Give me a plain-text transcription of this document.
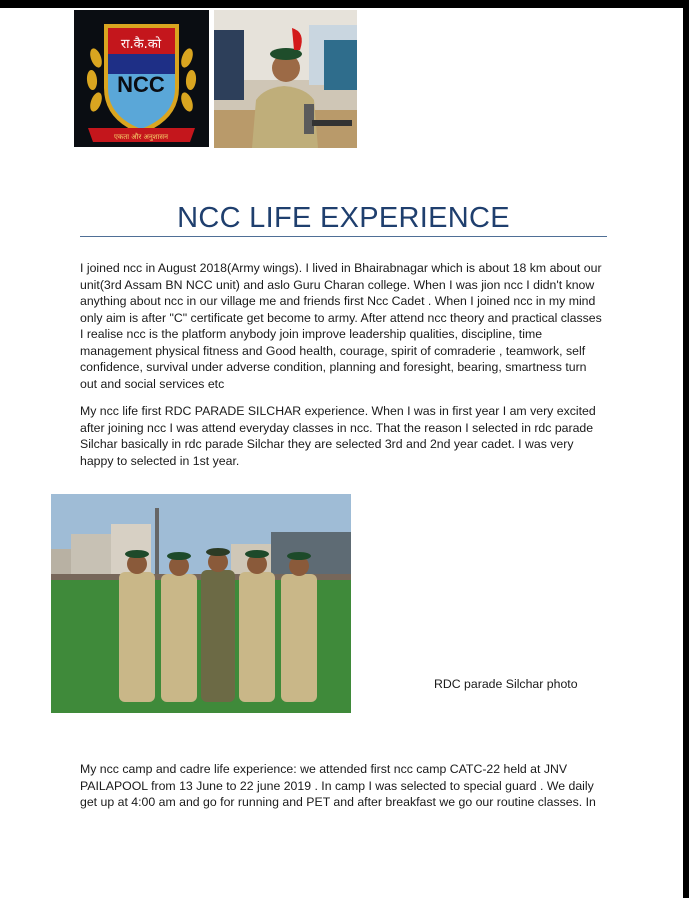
रा.कै.को
NCC
एकता और अनुशासन
NCC LIFE EXPERIENCE

I joined ncc in August 2018(Army wings). I lived in Bhairabnagar which is about 18 km about our unit(3rd Assam BN NCC unit) and aslo Guru Charan college. When I was jion ncc I didn't know anything about ncc in our village me and friends first Ncc Cadet . When I joined ncc in my mind only aim is after "C" certificate get become to army. After attend ncc theory and practical classes I realise ncc is the platform anybody join improve leadership qualities, discipline, time management physical fitness and Good health, courage, spirit of comraderie , teamwork, self confidence, survival under adverse condition, planning and foresight, bearing, smartness turn out and social services etc

My ncc life first RDC PARADE SILCHAR experience. When I was in first year I am very excited after joining ncc I was attend everyday classes in ncc. That the reason I selected in rdc parade Silchar basically in rdc parade Silchar they are selected 3rd and 2nd year cadet. I was very happy to selected in 1st year.

RDC parade Silchar photo

My ncc camp and cadre life experience: we attended first ncc camp CATC-22 held at JNV PAILAPOOL from 13 June to 22 june 2019 . In camp I was selected to special guard . We daily get up at 4:00 am and go for running and PET and after breakfast we go our routine classes. In
